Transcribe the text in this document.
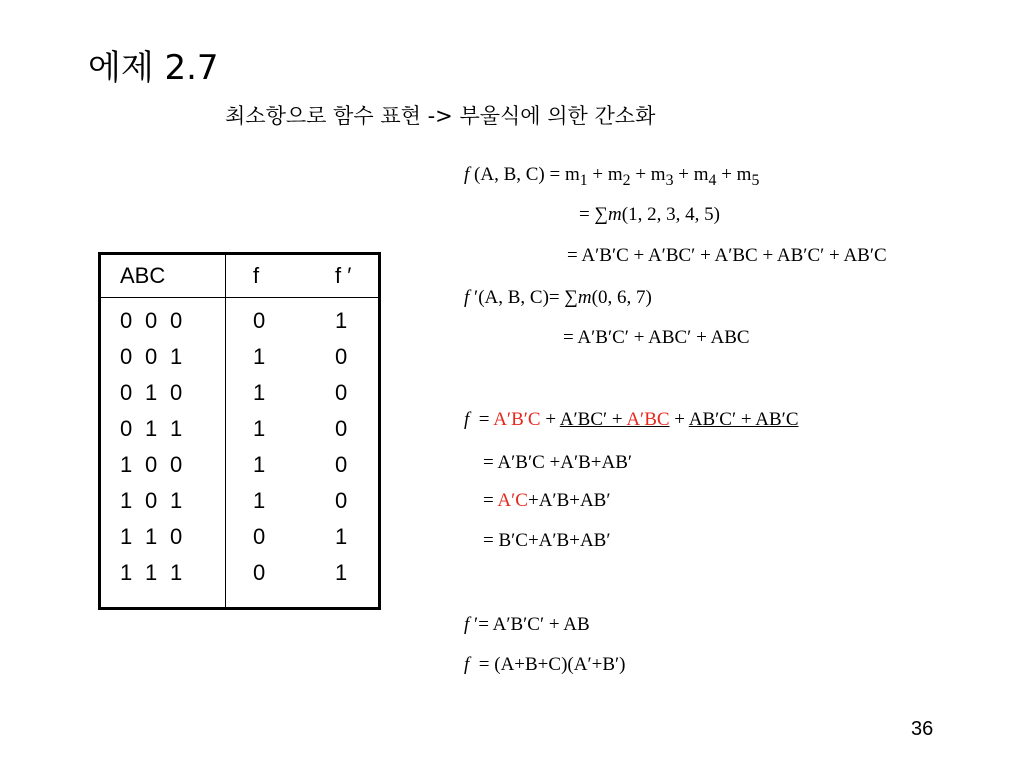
에제 2.7
최소항으로 함수 표현 -> 부울식에 의한 간소화
ABC	f	f ′
0 0 0	0	1
0 0 1	1	0
0 1 0	1	0
0 1 1	1	0
1 0 0	1	0
1 0 1	1	0
1 1 0	0	1
1 1 1	0	1
f (A, B, $C) = m_1 + m_2 + m_3 + m_4 + m_5$
= ∑m(1, 2, 3, 4, 5)
= A′B′C + A′BC′ + A′BC + AB′C′ + AB′C
f ′(A, B, C)= ∑m(0, 6, 7)
= A′B′C′ + ABC′ + ABC
f  = A′B′C + A′BC′ + A′BC + AB′C′ + AB′C
= A′B′C +A′B+AB′
= A′C+A′B+AB′
= B′C+A′B+AB′
f ′= A′B′C′ + AB
f  = (A+B+C)(A′+B′)
36
